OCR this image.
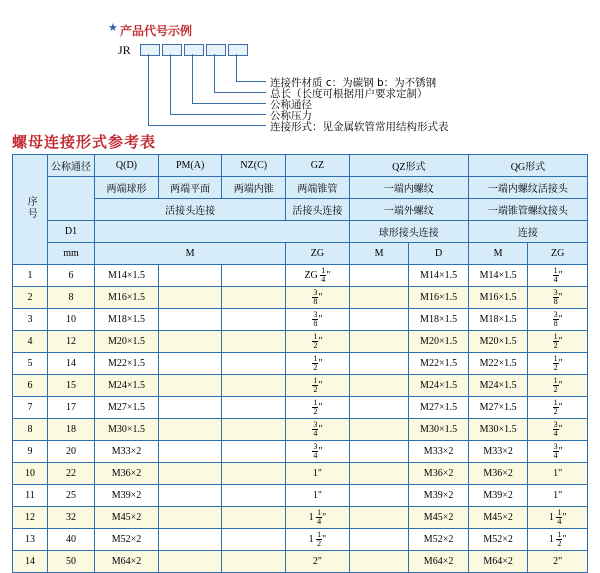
★ 产品代号示例
JR
连接件材质 c：为碳钢 b：为不锈钢
总长（长度可根据用户要求定制）
公称通径
公称压力
连接形式：见金属软管常用结构形式表
螺母连接形式参考表
序号	公称通径	Q(D)	PM(A)	NZ(C)	GZ	QZ形式		QG形式	
		两端球形	两端平面	两端内锥	两端锥管	一端内螺纹		一端内螺纹活接头	
		活接头连接			活接头连接	一端外螺纹		一端锥管螺纹接头	
	D1					球形接头连接		连接	
	mm	M			ZG	M	D	M	ZG
1	6	M14×1.5			ZG $\frac{1}{4}$ "		M14×1.5	M14×1.5	$\frac{1}{4}$ "
2	8	M16×1.5			$\frac{3}{8}$ "		M16×1.5	M16×1.5	$\frac{3}{8}$ "
3	10	M18×1.5			$\frac{3}{8}$ "		M18×1.5	M18×1.5	$\frac{3}{8}$ "
4	12	M20×1.5			$\frac{1}{2}$ "		M20×1.5	M20×1.5	$\frac{1}{2}$ "
5	14	M22×1.5			$\frac{1}{2}$ "		M22×1.5	M22×1.5	$\frac{1}{2}$ "
6	15	M24×1.5			$\frac{1}{2}$ "		M24×1.5	M24×1.5	$\frac{1}{2}$ "
7	17	M27×1.5			$\frac{1}{2}$ "		M27×1.5	M27×1.5	$\frac{1}{2}$ "
8	18	M30×1.5			$\frac{3}{4}$ "		M30×1.5	M30×1.5	$\frac{3}{4}$ "
9	20	M33×2			$\frac{3}{4}$ "		M33×2	M33×2	$\frac{3}{4}$ "
10	22	M36×2			1"		M36×2	M36×2	1"
11	25	M39×2			1"		M39×2	M39×2	1"
12	32	M45×2			$1 \frac{1}{4}$ "		M45×2	M45×2	$1 \frac{1}{4}$ "
13	40	M52×2			$1 \frac{1}{2}$ "		M52×2	M52×2	$1 \frac{1}{2}$ "
14	50	M64×2			2"		M64×2	M64×2	2"
